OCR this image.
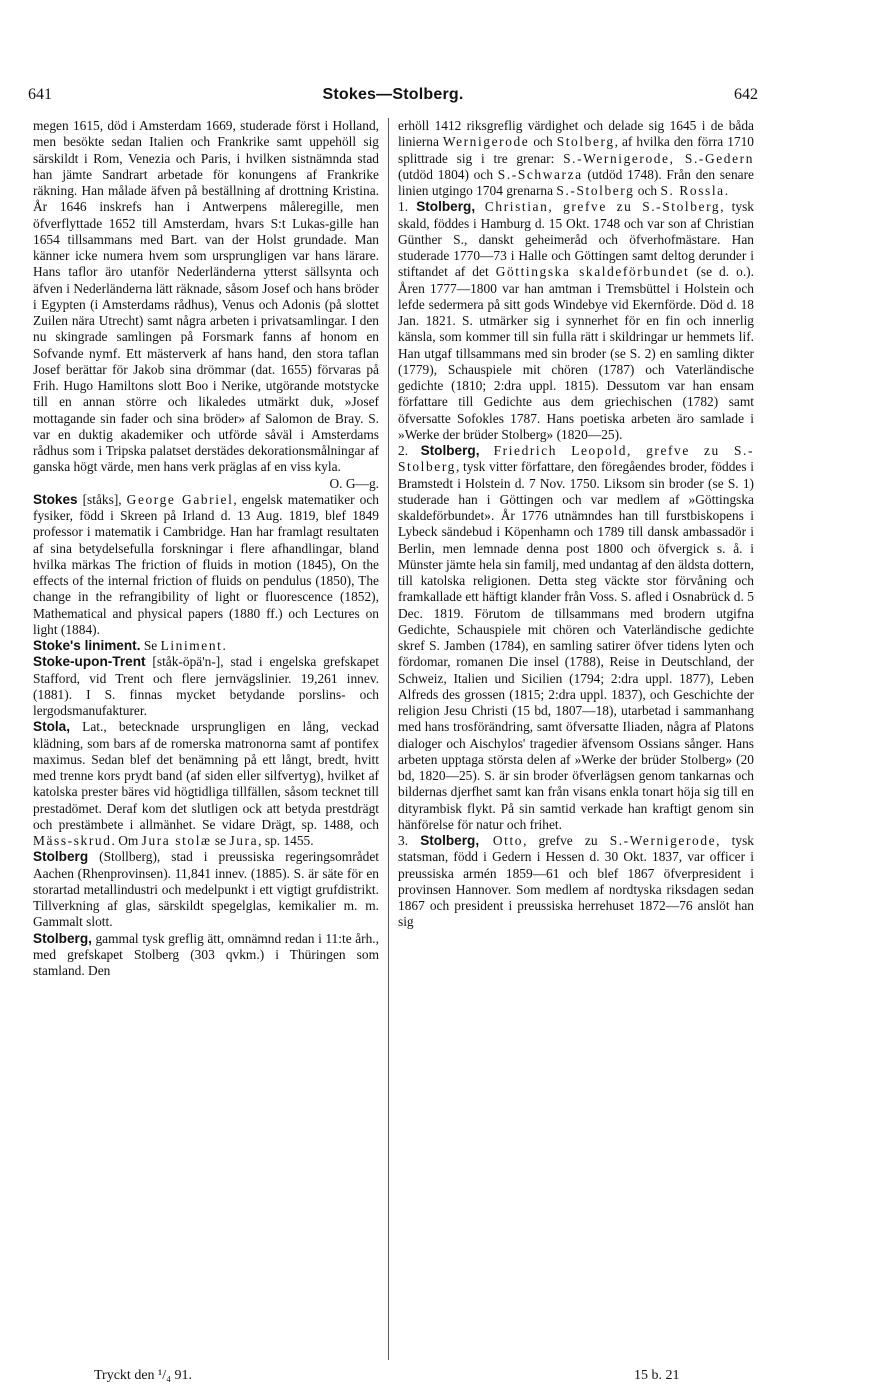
641	Stokes—Stolberg.	642

megen 1615, död i Amsterdam 1669, studerade först i Holland, men besökte sedan Italien och Frankrike samt uppehöll sig särskildt i Rom, Venezia och Paris, i hvilken sistnämnda stad han jämte Sandrart arbetade för konungens af Frankrike räkning. Han målade äfven på beställning af drottning Kristina. År 1646 inskrefs han i Antwerpens måleregille, men öfverflyttade 1652 till Amsterdam, hvars S:t Lukas-gille han 1654 tillsammans med Bart. van der Holst grundade. Man känner icke numera hvem som ursprungligen var hans lärare. Hans taflor äro utanför Nederländerna ytterst sällsynta och äfven i Nederländerna lätt räknade, såsom Josef och hans bröder i Egypten (i Amsterdams rådhus), Venus och Adonis (på slottet Zuilen nära Utrecht) samt några arbeten i privatsamlingar. I den nu skingrade samlingen på Forsmark fanns af honom en Sofvande nymf. Ett mästerverk af hans hand, den stora taflan Josef berättar för Jakob sina drömmar (dat. 1655) förvaras på Frih. Hugo Hamiltons slott Boo i Nerike, utgörande motstycke till en annan större och likaledes utmärkt duk, »Josef mottagande sin fader och sina bröder» af Salomon de Bray. S. var en duktig akademiker och utförde såväl i Amsterdams rådhus som i Tripska palatset derstädes dekorationsmålningar af ganska högt värde, men hans verk präglas af en viss kyla.
O. G—g.

Stokes [ståks], George Gabriel, engelsk matematiker och fysiker, född i Skreen på Irland d. 13 Aug. 1819, blef 1849 professor i matematik i Cambridge. Han har framlagt resultaten af sina betydelsefulla forskningar i flere afhandlingar, bland hvilka märkas The friction of fluids in motion (1845), On the effects of the internal friction of fluids on pendulus (1850), The change in the refrangibility of light or fluorescence (1852), Mathematical and physical papers (1880 ff.) och Lectures on light (1884).

Stoke's liniment. Se Liniment.

Stoke-upon-Trent [ståk-öpä'n-], stad i engelska grefskapet Stafford, vid Trent och flere jernvägslinier. 19,261 innev. (1881). I S. finnas mycket betydande porslins- och lergodsmanufakturer.

Stola, Lat., betecknade ursprungligen en lång, veckad klädning, som bars af de romerska matronorna samt af pontifex maximus. Sedan blef det benämning på ett långt, bredt, hvitt med trenne kors prydt band (af siden eller silfvertyg), hvilket af katolska prester bäres vid högtidliga tillfällen, såsom tecknet till prestadömet. Deraf kom det slutligen ock att betyda prestdrägt och prestämbete i allmänhet. Se vidare Drägt, sp. 1488, och Mäss-skrud. Om Jura stolæ se Jura, sp. 1455.

Stolberg (Stollberg), stad i preussiska regeringsområdet Aachen (Rhenprovinsen). 11,841 innev. (1885). S. är säte för en storartad metallindustri och medelpunkt i ett vigtigt grufdistrikt. Tillverkning af glas, särskildt spegelglas, kemikalier m. m. Gammalt slott.

Stolberg, gammal tysk greflig ätt, omnämnd redan i 11:te årh., med grefskapet Stolberg (303 qvkm.) i Thüringen som stamland. Den

erhöll 1412 riksgreflig värdighet och delade sig 1645 i de båda linierna Wernigerode och Stolberg, af hvilka den förra 1710 splittrade sig i tre grenar: S.-Wernigerode, S.-Gedern (utdöd 1804) och S.-Schwarza (utdöd 1748). Från den senare linien utgingo 1704 grenarna S.-Stolberg och S. Rossla.

1. Stolberg, Christian, grefve zu S.-Stolberg, tysk skald, föddes i Hamburg d. 15 Okt. 1748 och var son af Christian Günther S., danskt geheimeråd och öfverhofmästare. Han studerade 1770—73 i Halle och Göttingen samt deltog derunder i stiftandet af det Göttingska skaldeförbundet (se d. o.). Åren 1777—1800 var han amtman i Tremsbüttel i Holstein och lefde sedermera på sitt gods Windebye vid Ekernförde. Död d. 18 Jan. 1821. S. utmärker sig i synnerhet för en fin och innerlig känsla, som kommer till sin fulla rätt i skildringar ur hemmets lif. Han utgaf tillsammans med sin broder (se S. 2) en samling dikter (1779), Schauspiele mit chören (1787) och Vaterländische gedichte (1810; 2:dra uppl. 1815). Dessutom var han ensam författare till Gedichte aus dem griechischen (1782) samt öfversatte Sofokles 1787. Hans poetiska arbeten äro samlade i »Werke der brüder Stolberg» (1820—25).

2. Stolberg, Friedrich Leopold, grefve zu S.-Stolberg, tysk vitter författare, den föregåendes broder, föddes i Bramstedt i Holstein d. 7 Nov. 1750. Liksom sin broder (se S. 1) studerade han i Göttingen och var medlem af »Göttingska skaldeförbundet». År 1776 utnämndes han till furstbiskopens i Lybeck sändebud i Köpenhamn och 1789 till dansk ambassadör i Berlin, men lemnade denna post 1800 och öfvergick s. å. i Münster jämte hela sin familj, med undantag af den äldsta dottern, till katolska religionen. Detta steg väckte stor förvåning och framkallade ett häftigt klander från Voss. S. afled i Osnabrück d. 5 Dec. 1819. Förutom de tillsammans med brodern utgifna Gedichte, Schauspiele mit chören och Vaterländische gedichte skref S. Jamben (1784), en samling satirer öfver tidens lyten och fördomar, romanen Die insel (1788), Reise in Deutschland, der Schweiz, Italien und Sicilien (1794; 2:dra uppl. 1877), Leben Alfreds des grossen (1815; 2:dra uppl. 1837), och Geschichte der religion Jesu Christi (15 bd, 1807—18), utarbetad i sammanhang med hans trosförändring, samt öfversatte Iliaden, några af Platons dialoger och Aischylos' tragedier äfvensom Ossians sånger. Hans arbeten upptaga största delen af »Werke der brüder Stolberg» (20 bd, 1820—25). S. är sin broder öfverlägsen genom tankarnas och bildernas djerfhet samt kan från visans enkla tonart höja sig till en dityrambisk flykt. På sin samtid verkade han kraftigt genom sin hänförelse för natur och frihet.

3. Stolberg, Otto, grefve zu S.-Wernigerode, tysk statsman, född i Gedern i Hessen d. 30 Okt. 1837, var officer i preussiska armén 1859—61 och blef 1867 öfverpresident i provinsen Hannover. Som medlem af nordtyska riksdagen sedan 1867 och president i preussiska herrehuset 1872—76 anslöt han sig

Tryckt den ¹/₄ 91.	15 b. 21
